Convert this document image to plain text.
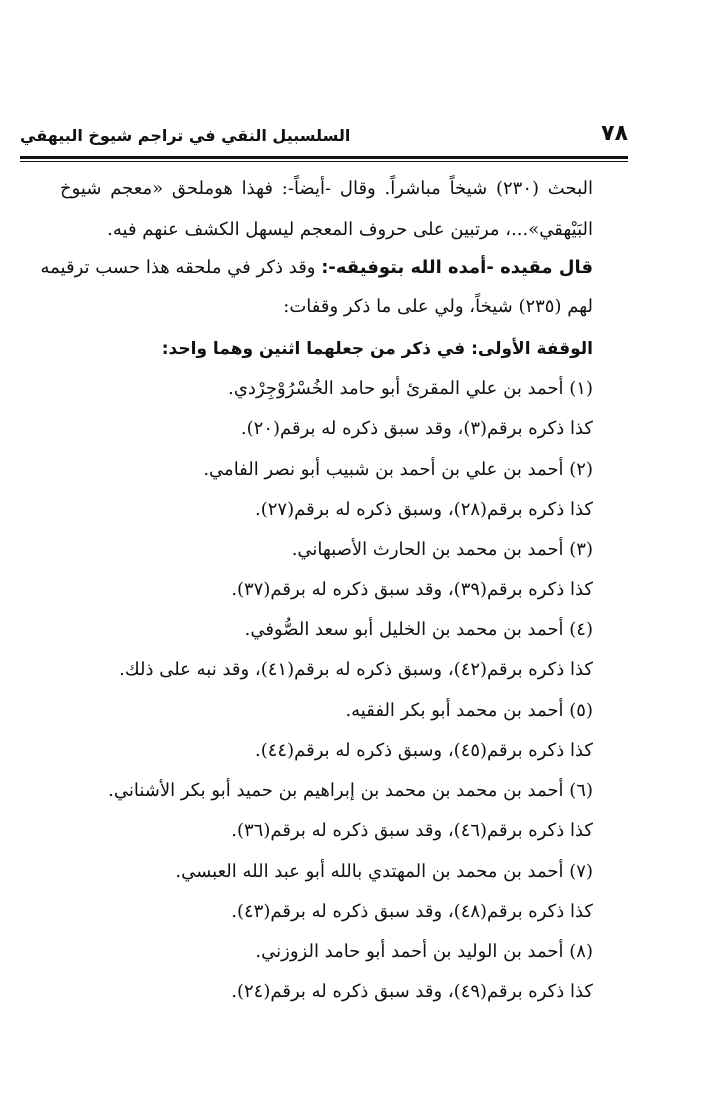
٧٨
السلسبيل النقي في تراجم شيوخ البيهقي
البحث (٢٣٠) شيخاً مباشراً. وقال -أيضاً-: فهذا هوملحق «معجم شيوخ
البَيْهقي»...، مرتبين على حروف المعجم ليسهل الكشف عنهم فيه.
قال مقيده -أمده الله بتوفيقه-: وقد ذكر في ملحقه هذا حسب ترقيمه
لهم (٢٣٥) شيخاً، ولي على ما ذكر وقفات:
الوقفة الأولى: في ذكر من جعلهما اثنين وهما واحد:
(١) أحمد بن علي المقرئ أبو حامد الخُسْرُوْجِرْدي.
كذا ذكره برقم(٣)، وقد سبق ذكره له برقم(٢٠).
(٢) أحمد بن علي بن أحمد بن شبيب أبو نصر الفامي.
كذا ذكره برقم(٢٨)، وسبق ذكره له برقم(٢٧).
(٣) أحمد بن محمد بن الحارث الأصبهاني.
كذا ذكره برقم(٣٩)، وقد سبق ذكره له برقم(٣٧).
(٤) أحمد بن محمد بن الخليل أبو سعد الصُّوفي.
كذا ذكره برقم(٤٢)، وسبق ذكره له برقم(٤١)، وقد نبه على ذلك.
(٥) أحمد بن محمد أبو بكر الفقيه.
كذا ذكره برقم(٤٥)، وسبق ذكره له برقم(٤٤).
(٦) أحمد بن محمد بن محمد بن إبراهيم بن حميد أبو بكر الأشناني.
كذا ذكره برقم(٤٦)، وقد سبق ذكره له برقم(٣٦).
(٧) أحمد بن محمد بن المهتدي بالله أبو عبد الله العبسي.
كذا ذكره برقم(٤٨)، وقد سبق ذكره له برقم(٤٣).
(٨) أحمد بن الوليد بن أحمد أبو حامد الزوزني.
كذا ذكره برقم(٤٩)، وقد سبق ذكره له برقم(٢٤).
